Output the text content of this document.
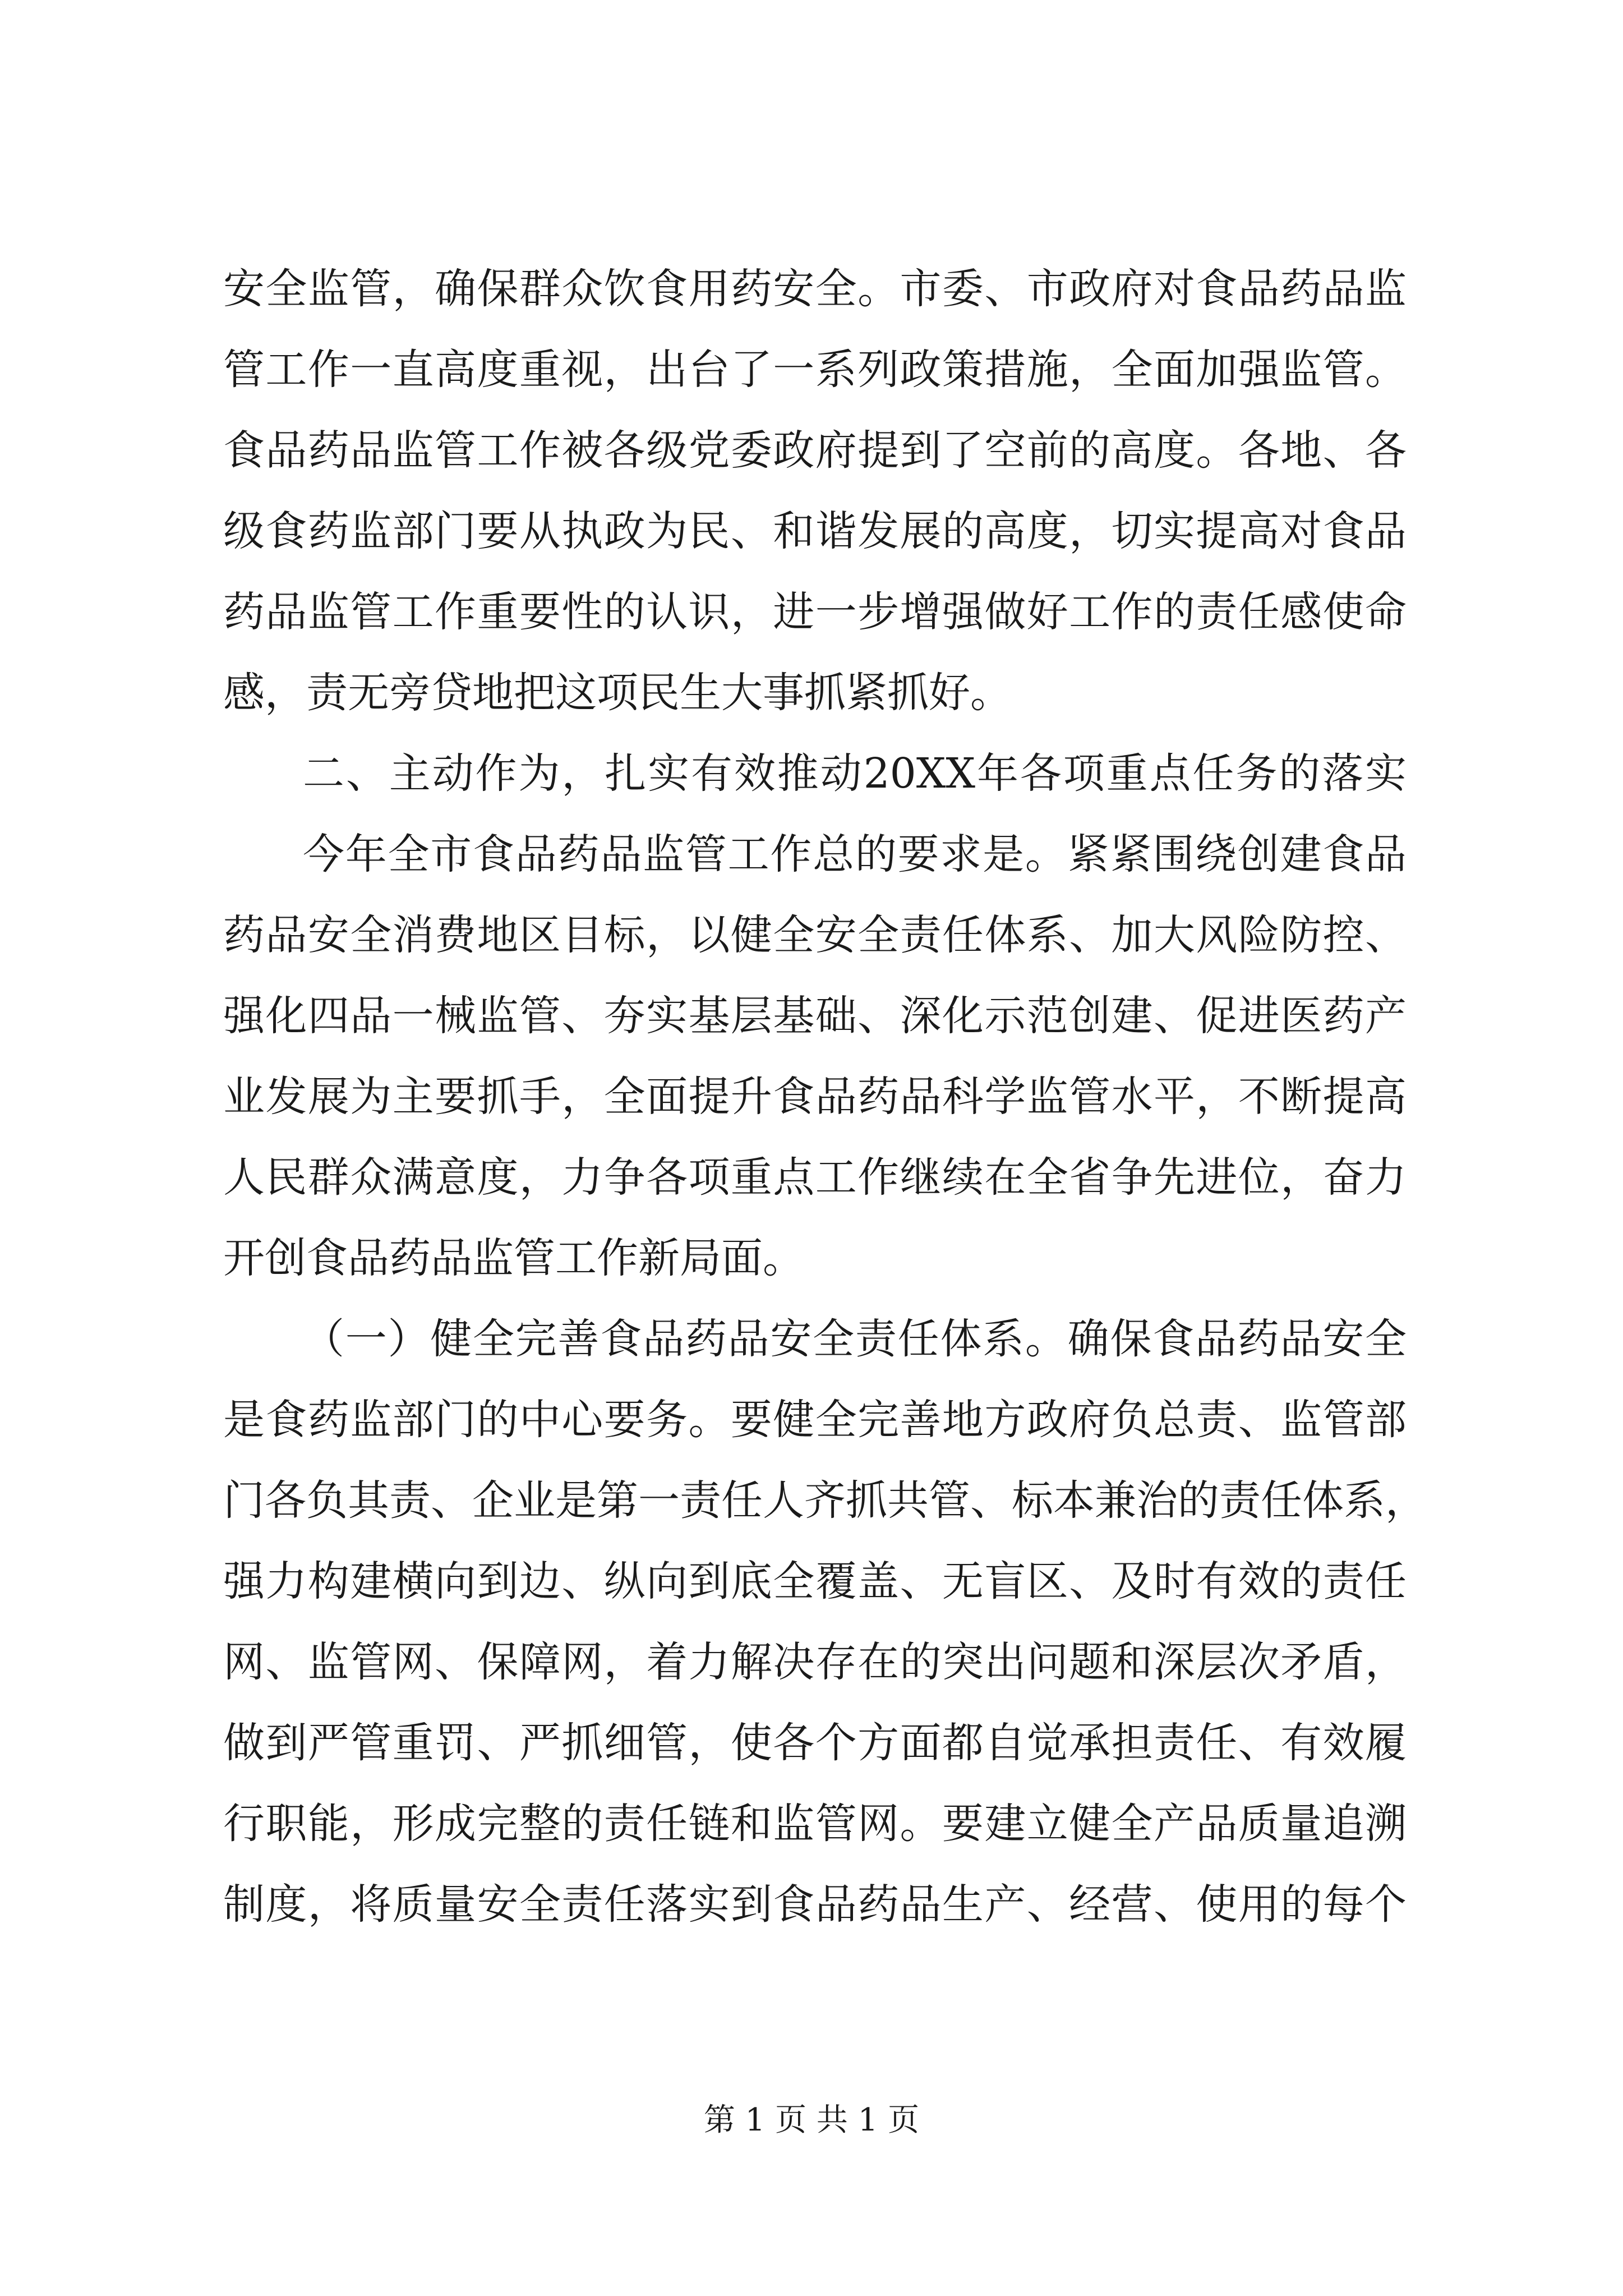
安全监管，确保群众饮食用药安全。市委、市政府对食品药品监
管工作一直高度重视，出台了一系列政策措施，全面加强监管。
食品药品监管工作被各级党委政府提到了空前的高度。各地、各
级食药监部门要从执政为民、和谐发展的高度，切实提高对食品
药品监管工作重要性的认识，进一步增强做好工作的责任感使命
感，责无旁贷地把这项民生大事抓紧抓好。
二、主动作为，扎实有效推动20XX年各项重点任务的落实
今年全市食品药品监管工作总的要求是。紧紧围绕创建食品
药品安全消费地区目标，以健全安全责任体系、加大风险防控、
强化四品一械监管、夯实基层基础、深化示范创建、促进医药产
业发展为主要抓手，全面提升食品药品科学监管水平，不断提高
人民群众满意度，力争各项重点工作继续在全省争先进位，奋力
开创食品药品监管工作新局面。
（一）健全完善食品药品安全责任体系。确保食品药品安全
是食药监部门的中心要务。要健全完善地方政府负总责、监管部
门各负其责、企业是第一责任人齐抓共管、标本兼治的责任体系，
强力构建横向到边、纵向到底全覆盖、无盲区、及时有效的责任
网、监管网、保障网，着力解决存在的突出问题和深层次矛盾，
做到严管重罚、严抓细管，使各个方面都自觉承担责任、有效履
行职能，形成完整的责任链和监管网。要建立健全产品质量追溯
制度，将质量安全责任落实到食品药品生产、经营、使用的每个
第 1 页 共 1 页
